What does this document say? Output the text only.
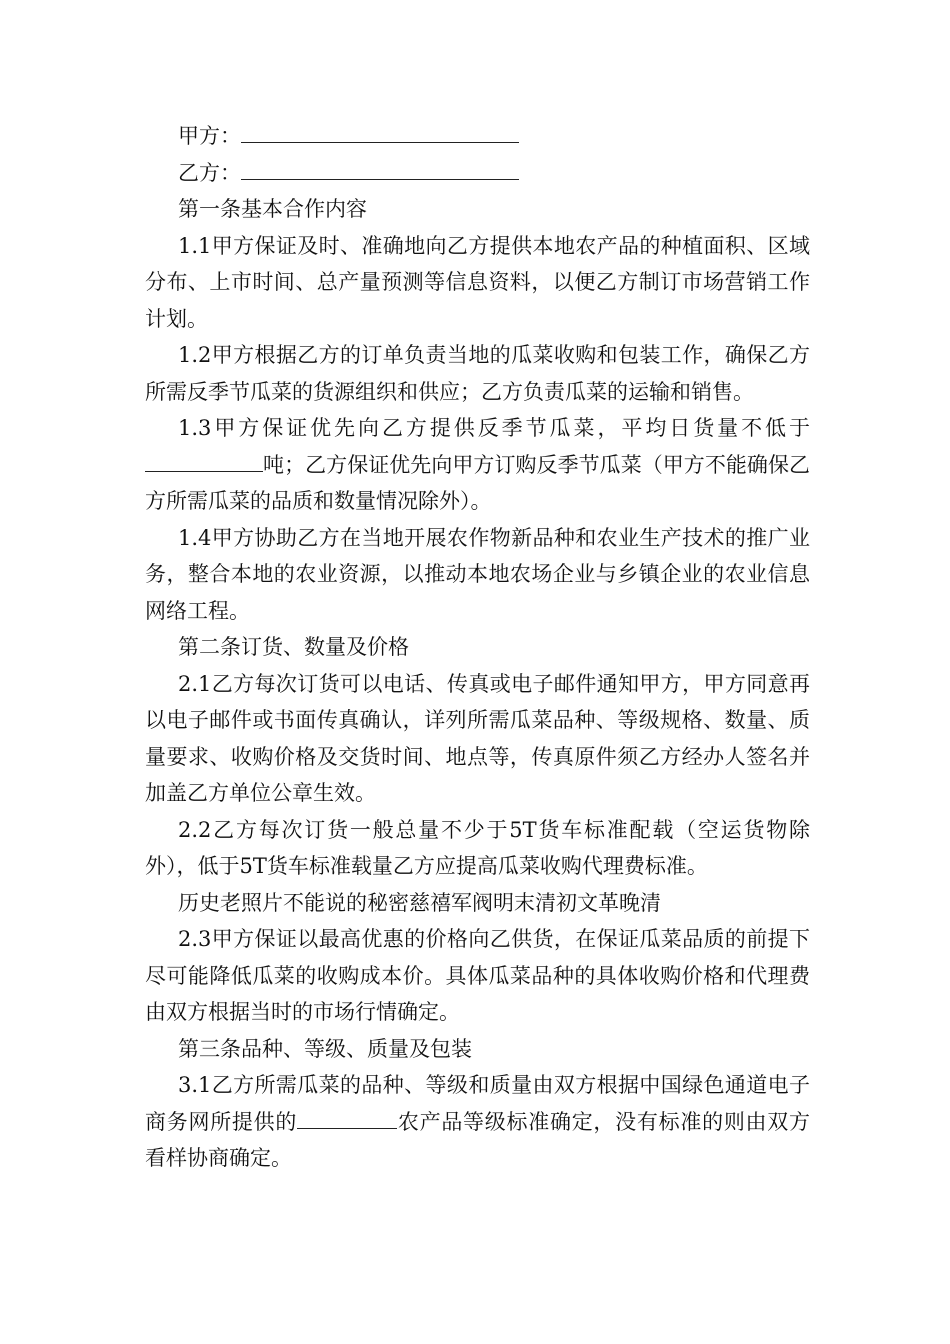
甲方：

乙方：

第一条基本合作内容

1.1甲方保证及时、准确地向乙方提供本地农产品的种植面积、区域分布、上市时间、总产量预测等信息资料，以便乙方制订市场营销工作计划。

1.2甲方根据乙方的订单负责当地的瓜菜收购和包装工作，确保乙方所需反季节瓜菜的货源组织和供应；乙方负责瓜菜的运输和销售。

1.3甲方保证优先向乙方提供反季节瓜菜，平均日货量不低于吨；乙方保证优先向甲方订购反季节瓜菜（甲方不能确保乙方所需瓜菜的品质和数量情况除外）。

1.4甲方协助乙方在当地开展农作物新品种和农业生产技术的推广业务，整合本地的农业资源，以推动本地农场企业与乡镇企业的农业信息网络工程。

第二条订货、数量及价格

2.1乙方每次订货可以电话、传真或电子邮件通知甲方，甲方同意再以电子邮件或书面传真确认，详列所需瓜菜品种、等级规格、数量、质量要求、收购价格及交货时间、地点等，传真原件须乙方经办人签名并加盖乙方单位公章生效。

2.2乙方每次订货一般总量不少于5T货车标准配载（空运货物除外），低于5T货车标准载量乙方应提高瓜菜收购代理费标准。

历史老照片不能说的秘密慈禧军阀明末清初文革晚清

2.3甲方保证以最高优惠的价格向乙供货，在保证瓜菜品质的前提下尽可能降低瓜菜的收购成本价。具体瓜菜品种的具体收购价格和代理费由双方根据当时的市场行情确定。

第三条品种、等级、质量及包装

3.1乙方所需瓜菜的品种、等级和质量由双方根据中国绿色通道电子商务网所提供的	农产品等级标准确定，没有标准的则由双方看样协商确定。
